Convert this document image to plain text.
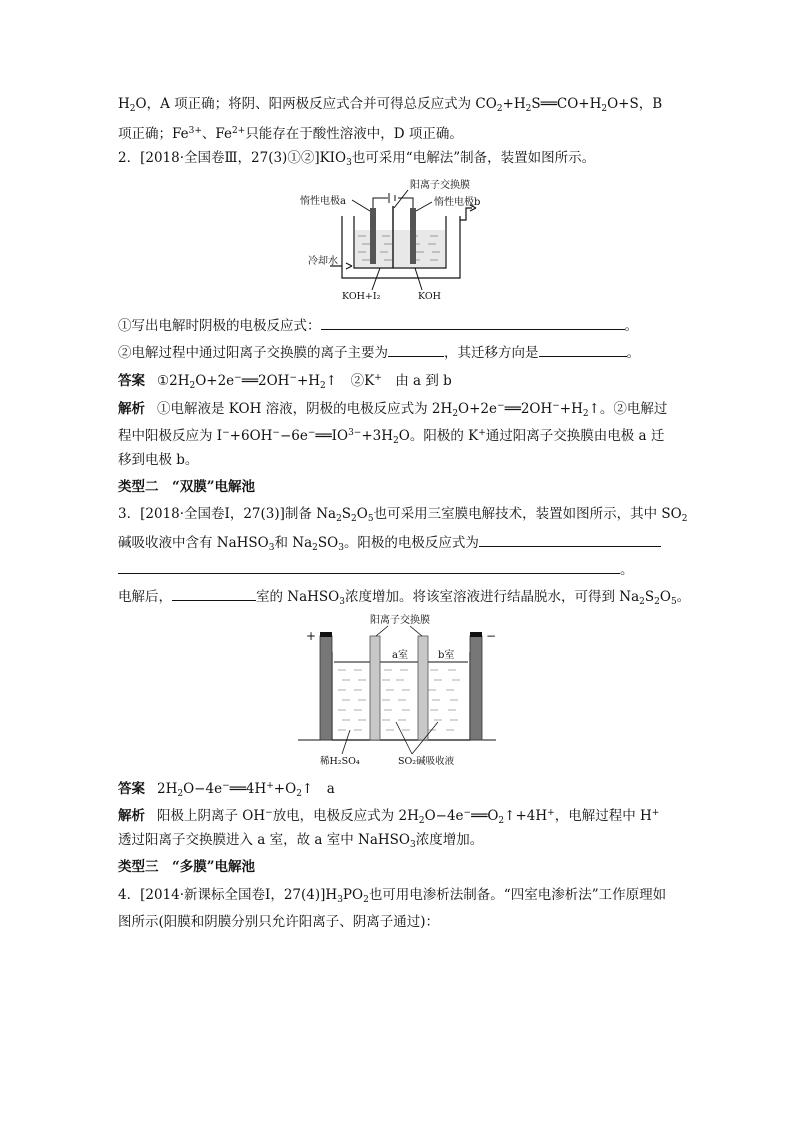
$H_2O$，A 项正确；将阴、阳两极反应式合并可得总反应式为 $CO_2+H_2S══CO+H_2O+S$，B
项正确；$Fe^{3+}$、$Fe^{2+}$只能存在于酸性溶液中，D 项正确。
2．[2018·全国卷Ⅲ，$27(3)①②]KIO_3$也可采用“电解法”制备，装置如图所示。
惰性电极a
阳离子交换膜
惰性电极b
冷却水
KOH+I₂	KOH
①写出电解时阴极的电极反应式：	。
②电解过程中通过阳离子交换膜的离子主要为	，其迁移方向是	。
答案 $①2H_2O+2e^-══2OH^-+H_2↑$　②K+　由 a 到 b
解析 ①电解液是 KOH 溶液，阴极的电极反应式为 $2H_2O+2e^-══2OH^-+H_2↑$。②电解过
程中阳极反应为 $I^-+6OH^--6e^-══IO^{3-}+3H_2O$。阳极的 K+通过阳离子交换膜由电极 a 迁
移到电极 b。
类型二　“双膜”电解池
3．[2018·全国卷Ⅰ，27(3)]制备 $Na_2S_2O_5$也可采用三室膜电解技术，装置如图所示，其中 $SO_2$
碱吸收液中含有 NaHSO$_3$和 $Na_2SO_3$。阳极的电极反应式为
。
电解后，	室的 NaHSO$_3$浓度增加。将该室溶液进行结晶脱水，可得到 $Na_2S_2O_5$。
+	−
阳离子交换膜
a室	b室
稀H₂SO₄	SO₂碱吸收液
答案 $2H_2O-4e^-══4H^++O_2↑$　a
解析 阳极上阴离子 OH−放电，电极反应式为 $2H_2O-4e^-══O_2↑+4H^+$，电解过程中 H+
透过阳离子交换膜进入 a 室，故 a 室中 NaHSO$_3$浓度增加。
类型三　“多膜”电解池
4．[2014·新课标全国卷Ⅰ，$27(4)]H_3PO_2$也可用电渗析法制备。“四室电渗析法”工作原理如
图所示(阳膜和阴膜分别只允许阳离子、阴离子通过)：
